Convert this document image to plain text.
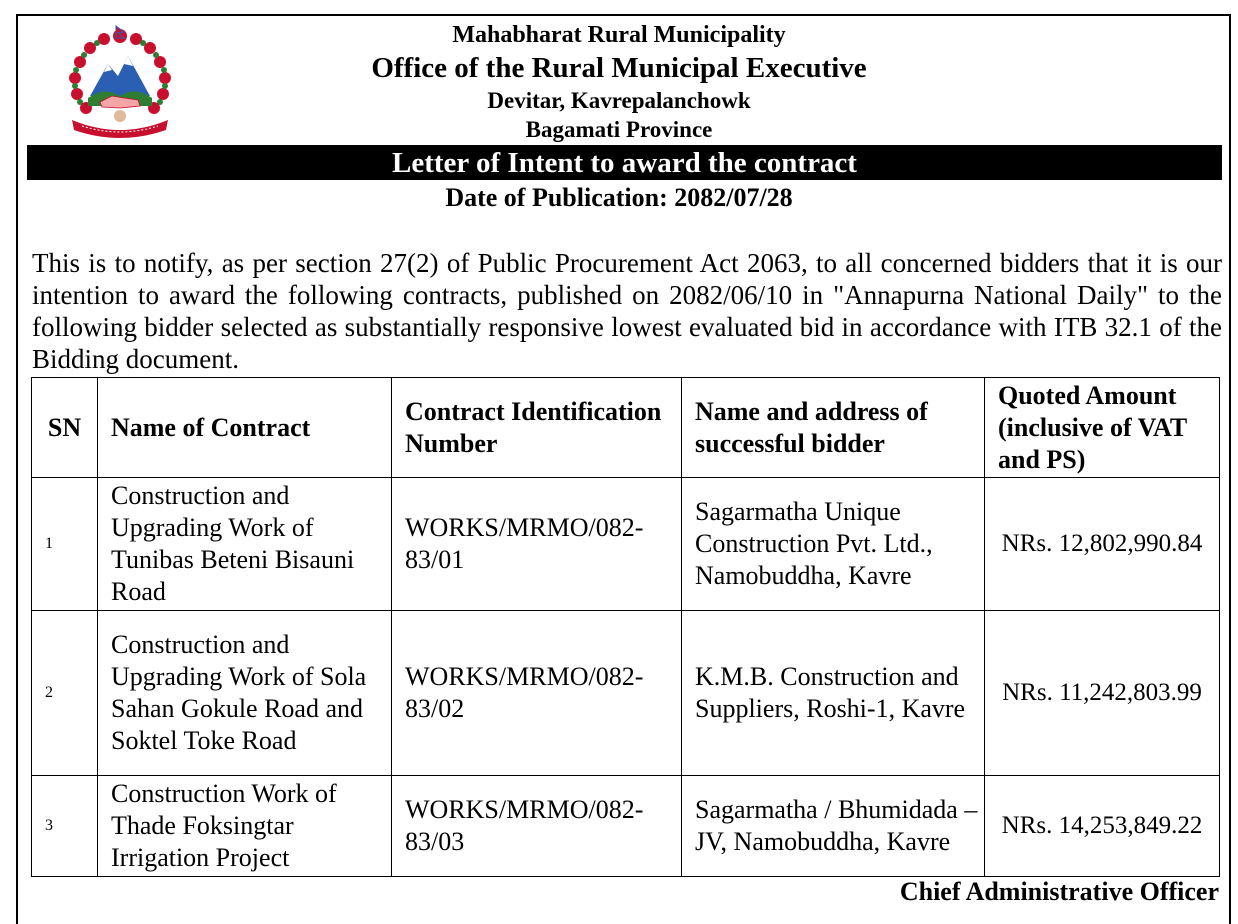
Mahabharat Rural Municipality
Office of the Rural Municipal Executive
Devitar, Kavrepalanchowk
Bagamati Province
Letter of Intent to award the contract
Date of Publication: 2082/07/28
This is to notify, as per section 27(2) of Public Procurement Act 2063, to all concerned bidders that it is our intention to award the following contracts, published on 2082/06/10 in "Annapurna National Daily" to the following bidder selected as substantially responsive lowest evaluated bid in accordance with ITB 32.1 of the Bidding document.
SN	Name of Contract	Contract Identification Number	Name and address of successful bidder	Quoted Amount (inclusive of VAT and PS)
1	Construction and Upgrading Work of Tunibas Beteni Bisauni Road	WORKS/MRMO/082-83/01	Sagarmatha Unique Construction Pvt. Ltd., Namobuddha, Kavre	NRs. 12,802,990.84
2	Construction and Upgrading Work of Sola Sahan Gokule Road and Soktel Toke Road	WORKS/MRMO/082-83/02	K.M.B. Construction and Suppliers, Roshi-1, Kavre	NRs. 11,242,803.99
3	Construction Work of Thade Foksingtar Irrigation Project	WORKS/MRMO/082-83/03	Sagarmatha / Bhumidada – JV, Namobuddha, Kavre	NRs. 14,253,849.22
Chief Administrative Officer
